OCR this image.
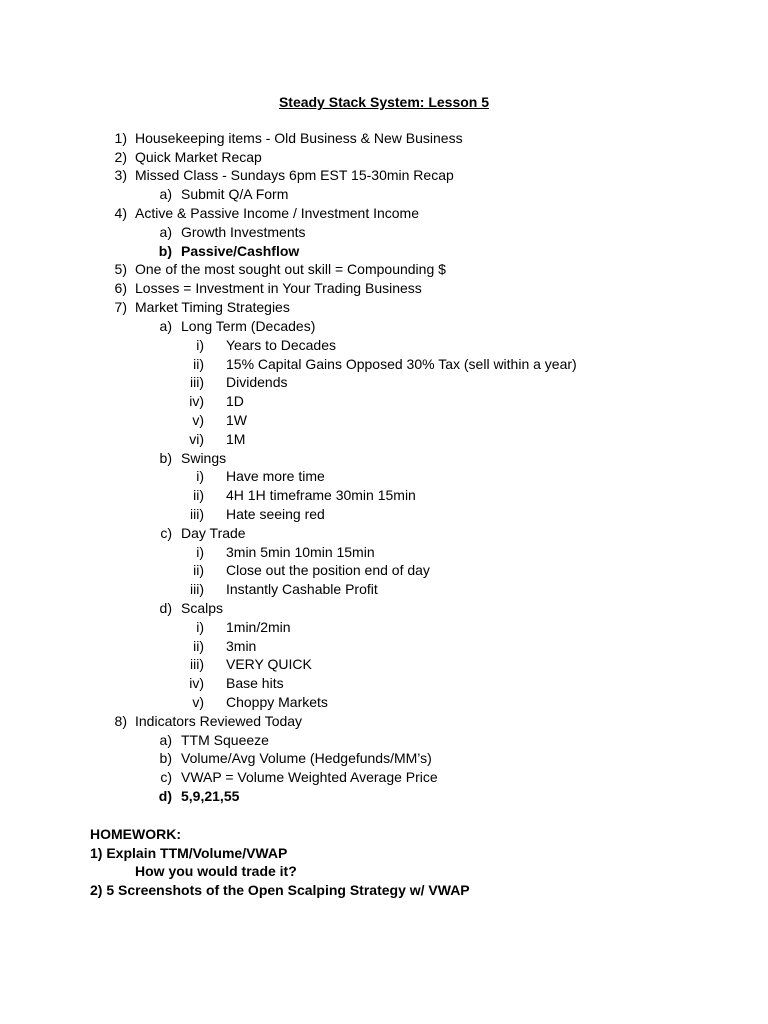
Steady Stack System: Lesson 5
1) Housekeeping items - Old Business & New Business
2) Quick Market Recap
3) Missed Class - Sundays 6pm EST 15-30min Recap
a) Submit Q/A Form
4) Active & Passive Income / Investment Income
a) Growth Investments
b) Passive/Cashflow
5) One of the most sought out skill = Compounding $
6) Losses = Investment in Your Trading Business
7) Market Timing Strategies
a) Long Term (Decades)
i) Years to Decades
ii) 15% Capital Gains Opposed 30% Tax (sell within a year)
iii) Dividends
iv) 1D
v) 1W
vi) 1M
b) Swings
i) Have more time
ii) 4H 1H timeframe 30min 15min
iii) Hate seeing red
c) Day Trade
i) 3min 5min 10min 15min
ii) Close out the position end of day
iii) Instantly Cashable Profit
d) Scalps
i) 1min/2min
ii) 3min
iii) VERY QUICK
iv) Base hits
v) Choppy Markets
8) Indicators Reviewed Today
a) TTM Squeeze
b) Volume/Avg Volume (Hedgefunds/MM’s)
c) VWAP = Volume Weighted Average Price
d) 5,9,21,55
HOMEWORK:
1) Explain TTM/Volume/VWAP
How you would trade it?
2) 5 Screenshots of the Open Scalping Strategy w/ VWAP
